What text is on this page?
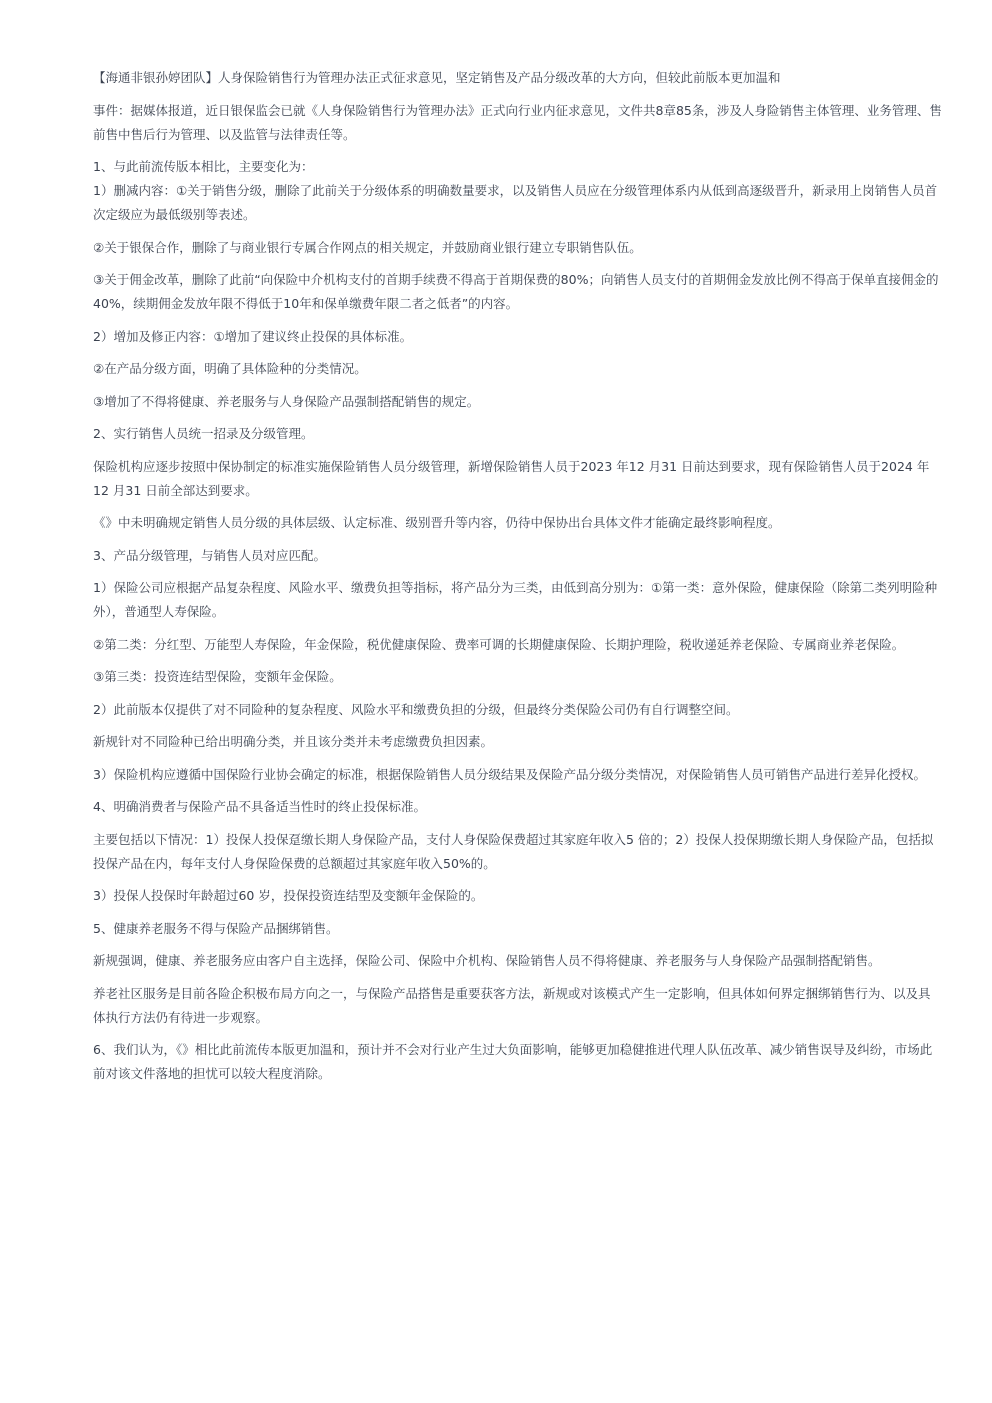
【海通非银孙婷团队】人身保险销售行为管理办法正式征求意见，坚定销售及产品分级改革的大方向，但较此前版本更加温和
事件：据媒体报道，近日银保监会已就《人身保险销售行为管理办法》正式向行业内征求意见，文件共8章85条，涉及人身险销售主体管理、业务管理、售前售中售后行为管理、以及监管与法律责任等。
1、与此前流传版本相比，主要变化为：
1）删减内容：①关于销售分级，删除了此前关于分级体系的明确数量要求，以及销售人员应在分级管理体系内从低到高逐级晋升，新录用上岗销售人员首次定级应为最低级别等表述。
②关于银保合作，删除了与商业银行专属合作网点的相关规定，并鼓励商业银行建立专职销售队伍。
③关于佣金改革，删除了此前“向保险中介机构支付的首期手续费不得高于首期保费的80%；向销售人员支付的首期佣金发放比例不得高于保单直接佣金的40%，续期佣金发放年限不得低于10年和保单缴费年限二者之低者”的内容。
2）增加及修正内容：①增加了建议终止投保的具体标准。
②在产品分级方面，明确了具体险种的分类情况。
③增加了不得将健康、养老服务与人身保险产品强制搭配销售的规定。
2、实行销售人员统一招录及分级管理。
保险机构应逐步按照中保协制定的标准实施保险销售人员分级管理，新增保险销售人员于2023 年12 月31 日前达到要求，现有保险销售人员于2024 年12 月31 日前全部达到要求。
《》中未明确规定销售人员分级的具体层级、认定标准、级别晋升等内容，仍待中保协出台具体文件才能确定最终影响程度。
3、产品分级管理，与销售人员对应匹配。
1）保险公司应根据产品复杂程度、风险水平、缴费负担等指标，将产品分为三类，由低到高分别为：①第一类：意外保险，健康保险（除第二类列明险种外），普通型人寿保险。
②第二类：分红型、万能型人寿保险，年金保险，税优健康保险、费率可调的长期健康保险、长期护理险，税收递延养老保险、专属商业养老保险。
③第三类：投资连结型保险，变额年金保险。
2）此前版本仅提供了对不同险种的复杂程度、风险水平和缴费负担的分级，但最终分类保险公司仍有自行调整空间。
新规针对不同险种已给出明确分类，并且该分类并未考虑缴费负担因素。
3）保险机构应遵循中国保险行业协会确定的标准，根据保险销售人员分级结果及保险产品分级分类情况，对保险销售人员可销售产品进行差异化授权。
4、明确消费者与保险产品不具备适当性时的终止投保标准。
主要包括以下情况：1）投保人投保趸缴长期人身保险产品，支付人身保险保费超过其家庭年收入5 倍的；2）投保人投保期缴长期人身保险产品，包括拟投保产品在内，每年支付人身保险保费的总额超过其家庭年收入50%的。
3）投保人投保时年龄超过60 岁，投保投资连结型及变额年金保险的。
5、健康养老服务不得与保险产品捆绑销售。
新规强调，健康、养老服务应由客户自主选择，保险公司、保险中介机构、保险销售人员不得将健康、养老服务与人身保险产品强制搭配销售。
养老社区服务是目前各险企积极布局方向之一，与保险产品搭售是重要获客方法，新规或对该模式产生一定影响，但具体如何界定捆绑销售行为、以及具体执行方法仍有待进一步观察。
6、我们认为，《》相比此前流传本版更加温和，预计并不会对行业产生过大负面影响，能够更加稳健推进代理人队伍改革、减少销售误导及纠纷，市场此前对该文件落地的担忧可以较大程度消除。
